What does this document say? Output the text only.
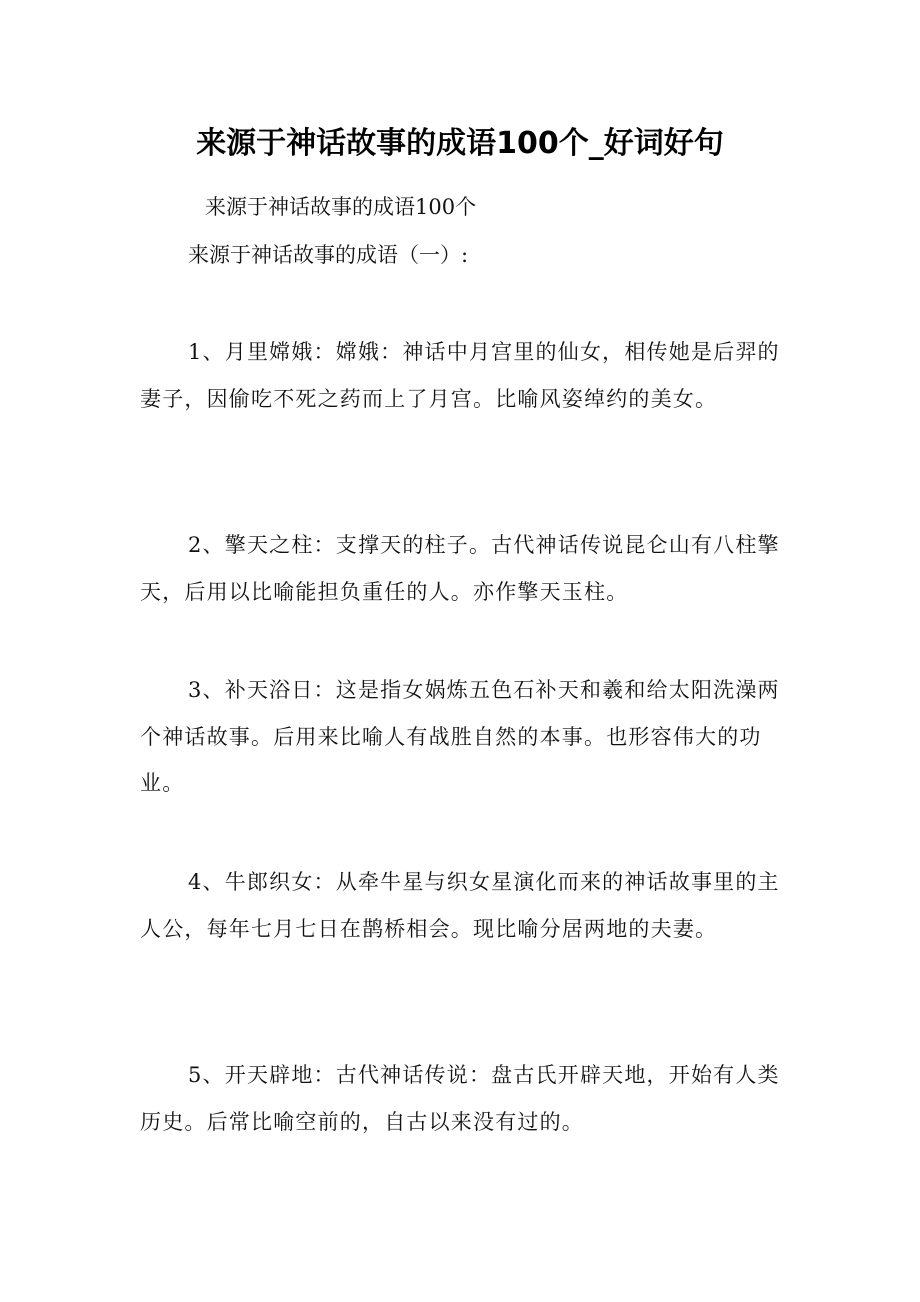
来源于神话故事的成语100个_好词好句
来源于神话故事的成语100个
来源于神话故事的成语（一）:

1、月里嫦娥：嫦娥：神话中月宫里的仙女，相传她是后羿的妻子，因偷吃不死之药而上了月宫。比喻风姿绰约的美女。

2、擎天之柱：支撑天的柱子。古代神话传说昆仑山有八柱擎天，后用以比喻能担负重任的人。亦作擎天玉柱。

3、补天浴日：这是指女娲炼五色石补天和羲和给太阳洗澡两个神话故事。后用来比喻人有战胜自然的本事。也形容伟大的功业。

4、牛郎织女：从牵牛星与织女星演化而来的神话故事里的主人公，每年七月七日在鹊桥相会。现比喻分居两地的夫妻。

5、开天辟地：古代神话传说：盘古氏开辟天地，开始有人类历史。后常比喻空前的，自古以来没有过的。
